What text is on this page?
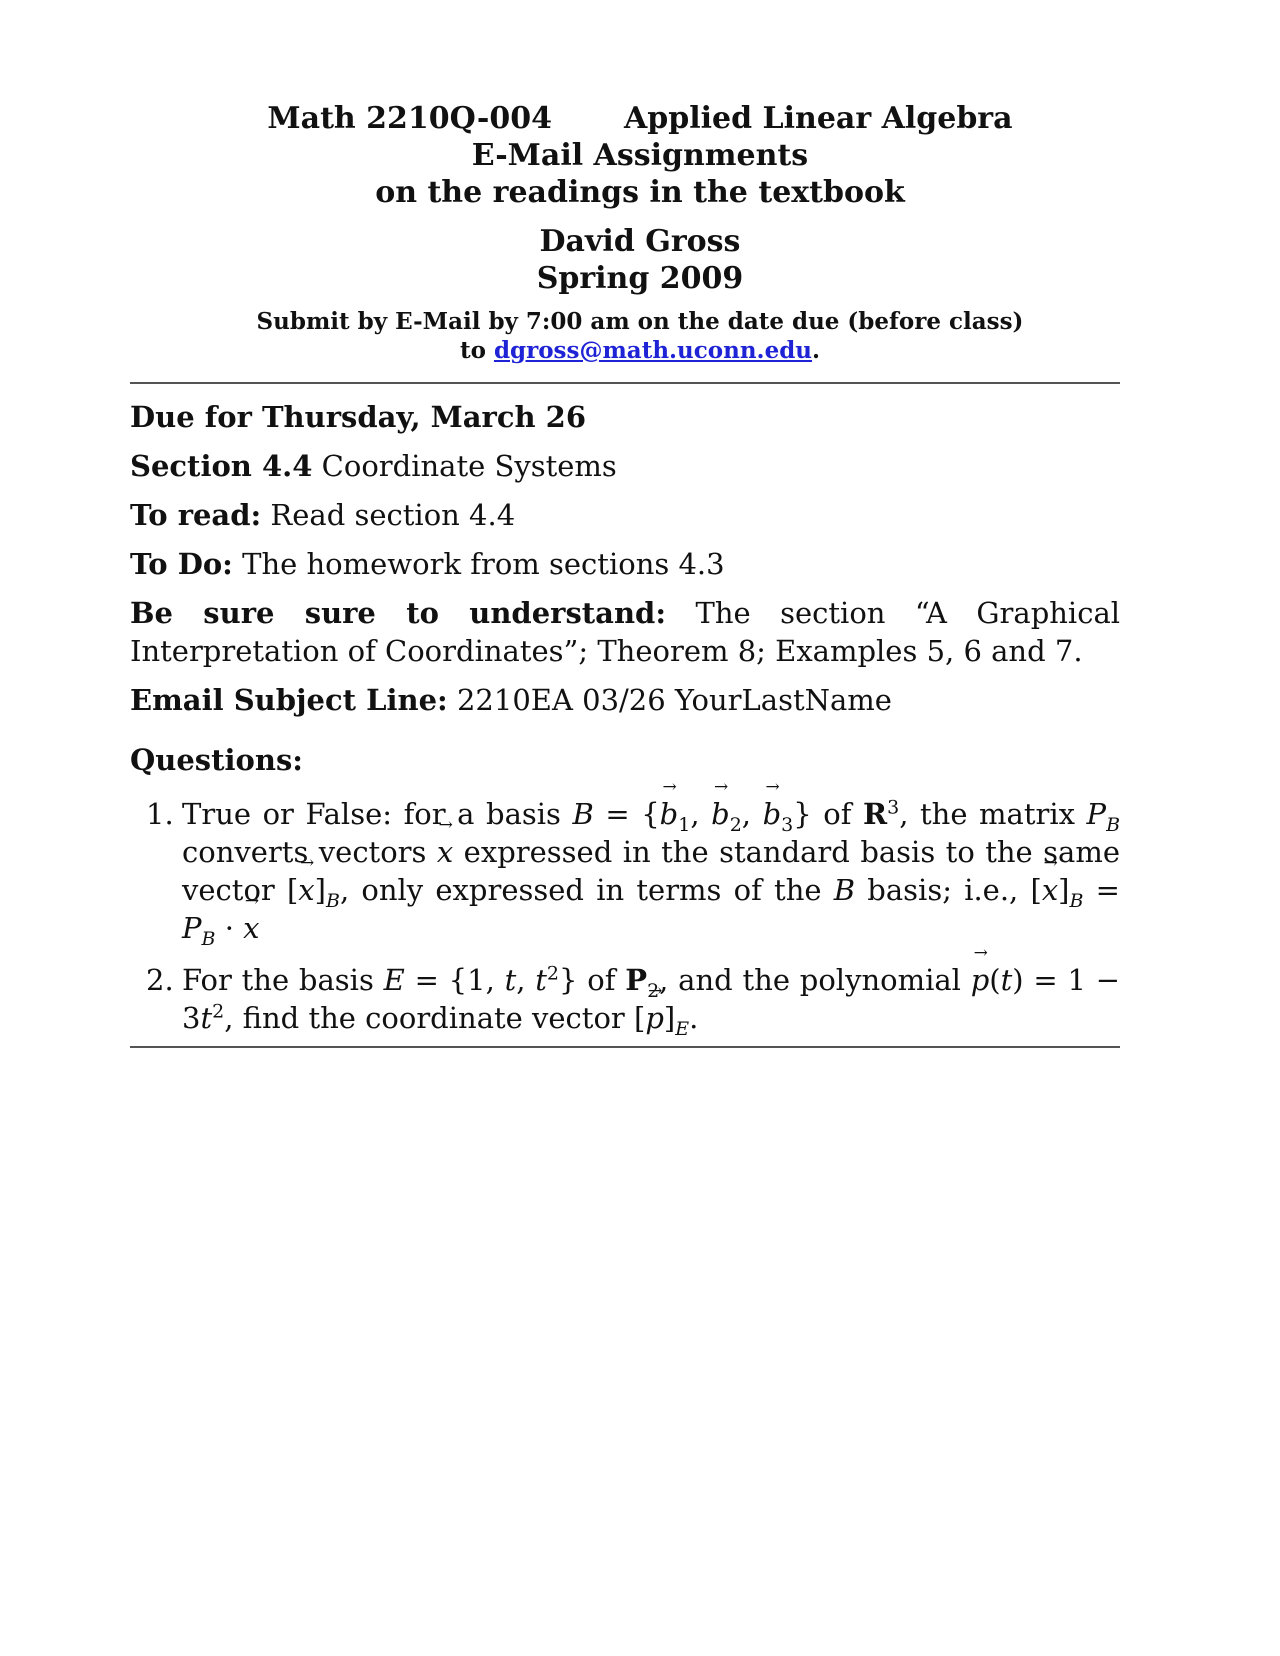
Math 2210Q-004 Applied Linear Algebra
E-Mail Assignments
on the readings in the textbook
David Gross
Spring 2009
Submit by E-Mail by 7:00 am on the date due (before class)
to dgross@math.uconn.edu.
Due for Thursday, March 26
Section 4.4 Coordinate Systems
To read: Read section 4.4
To Do: The homework from sections 4.3
Be sure sure to understand: The section “A Graphical Interpretation of Coordinates”; Theorem 8; Examples 5, 6 and 7.
Email Subject Line: 2210EA 03/26 YourLastName
Questions:
1. True or False: for a basis B = {→ $b_1$, → $b_2$, → $b_3$} of $R^3$, the matrix $P_B$ converts vectors → x expressed in the standard basis to the same vector [→ $x]_B$, only expressed in terms of the B basis; i.e., [→ $x]_B = P_B$ · → x
2. For the basis E = {1, t, $t^2$} of $P_2$, and the polynomial → $p(t) = 1 - 3t^2$, find the coordinate vector [→ $p]_E$.
